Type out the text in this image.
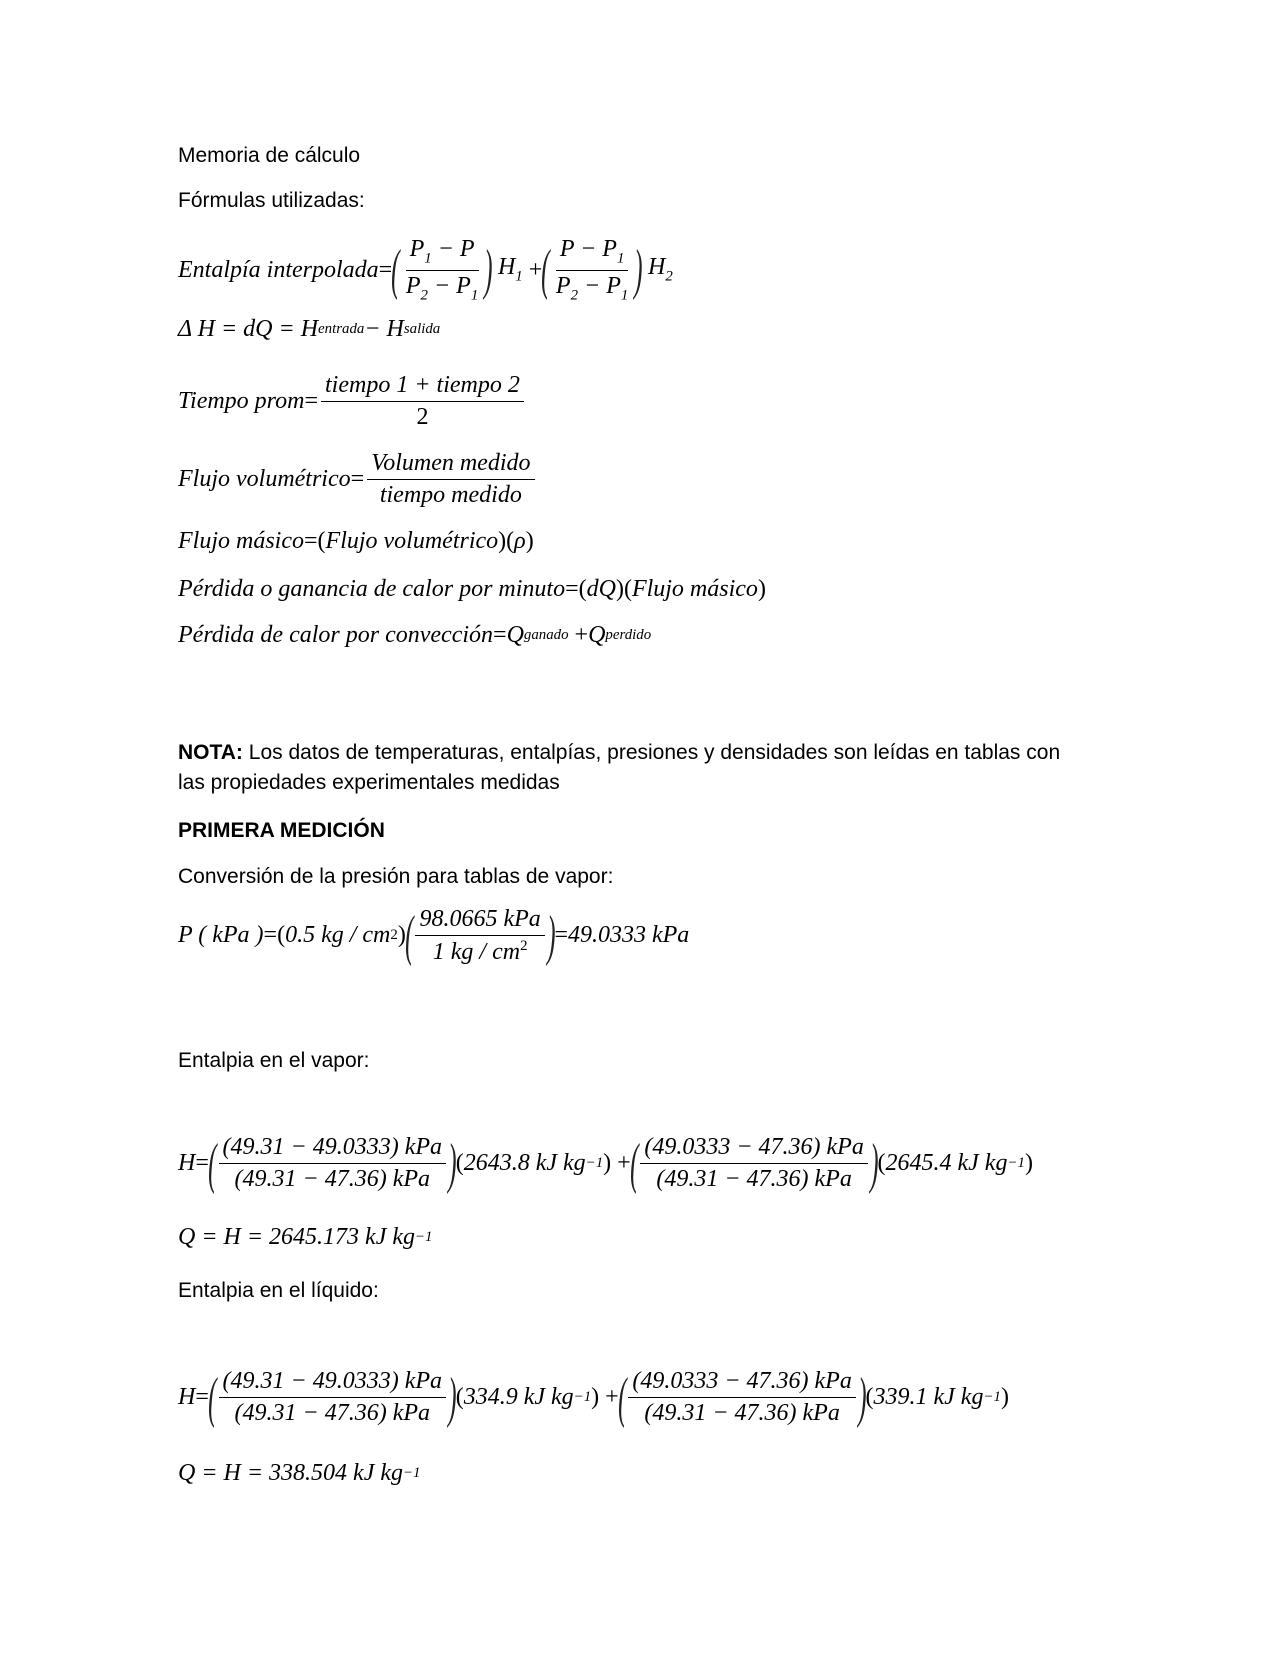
Memoria de cálculo
Fórmulas utilizadas:
Entalpía interpolada = ( $\frac{P_1 - P}{P_2 - P_1}$ ) $H_1$ + ( $\frac{P - P_1}{P_2 - P_1}$ ) $H_2$
Δ H = dQ = H entrada − H salida
Tiempo prom = $\frac{\text{tiempo 1 + tiempo 2}}{2}$
Flujo volumétrico = $\frac{\text{Volumen medido}}{\text{tiempo medido}}$
Flujo másico =( Flujo volumétrico )( ρ )
Pérdida o ganancia de calor por minuto =( dQ )( Flujo másico )
Pérdida de calor por convección = Q ganado + Q perdido
NOTA: Los datos de temperaturas, entalpías, presiones y densidades son leídas en tablas con las propiedades experimentales medidas
PRIMERA MEDICIÓN
Conversión de la presión para tablas de vapor:
P ( kPa ) =( 0.5 kg / cm 2 ) ( $\frac{\text{98.0665 kPa}}{1 kg / cm^2}$ ) = 49.0333 kPa
Entalpia en el vapor:
H = ( $\frac{\text{(49.31 − 49.0333) kPa}}{\text{(49.31 − 47.36) kPa}}$ ) ( 2643.8 kJ kg −1 ) + ( $\frac{\text{(49.0333 − 47.36) kPa}}{\text{(49.31 − 47.36) kPa}}$ ) ( 2645.4 kJ kg −1 )
Q = H = 2645.173 kJ kg −1
Entalpia en el líquido:
H = ( $\frac{\text{(49.31 − 49.0333) kPa}}{\text{(49.31 − 47.36) kPa}}$ ) ( 334.9 kJ kg −1 ) + ( $\frac{\text{(49.0333 − 47.36) kPa}}{\text{(49.31 − 47.36) kPa}}$ ) ( 339.1 kJ kg −1 )
Q = H = 338.504 kJ kg −1
